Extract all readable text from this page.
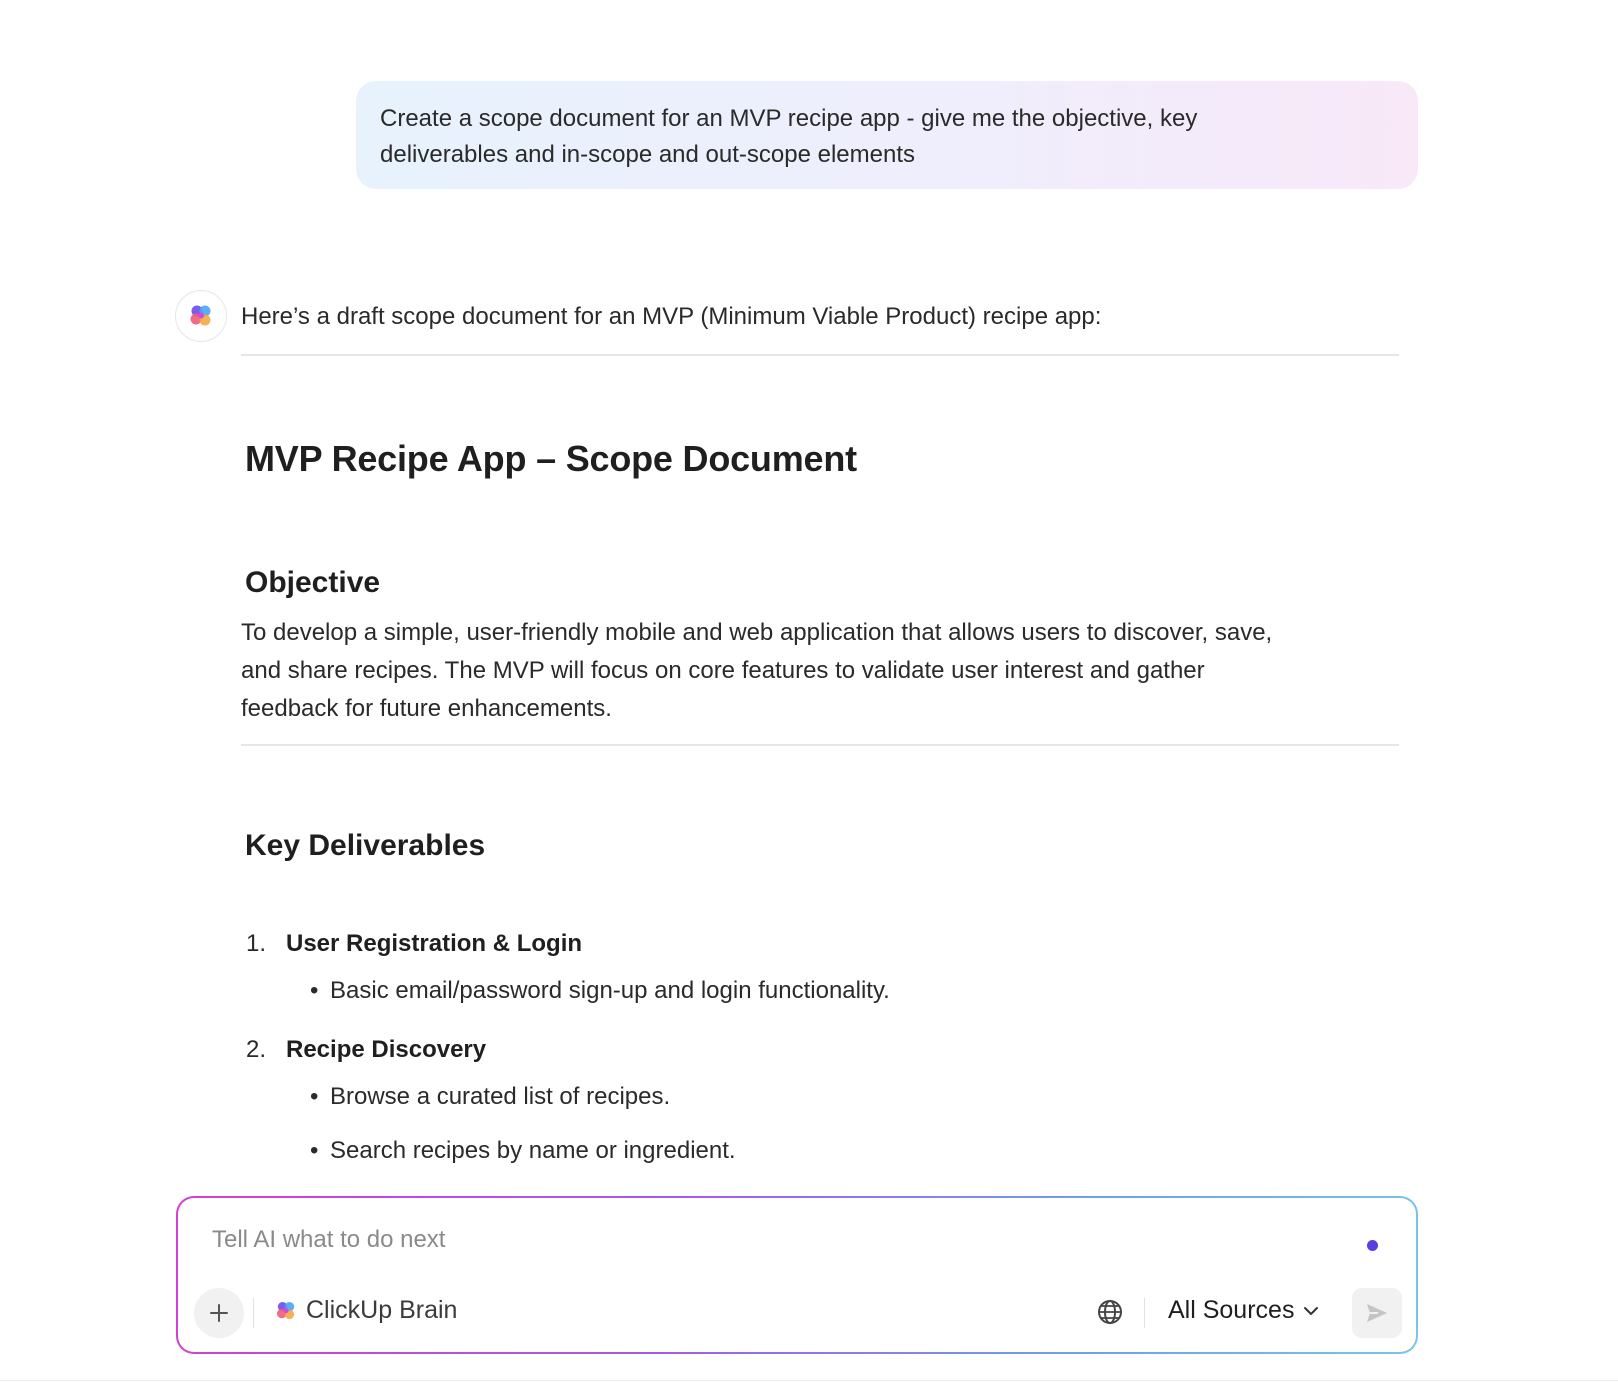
Create a scope document for an MVP recipe app - give me the objective, key
deliverables and in-scope and out-scope elements
Here’s a draft scope document for an MVP (Minimum Viable Product) recipe app:
MVP Recipe App – Scope Document
Objective
To develop a simple, user-friendly mobile and web application that allows users to discover, save,
and share recipes. The MVP will focus on core features to validate user interest and gather
feedback for future enhancements.
Key Deliverables
1. User Registration & Login
• Basic email/password sign-up and login functionality.
2. Recipe Discovery
• Browse a curated list of recipes.
• Search recipes by name or ingredient.
Tell AI what to do next
ClickUp Brain	All Sources
